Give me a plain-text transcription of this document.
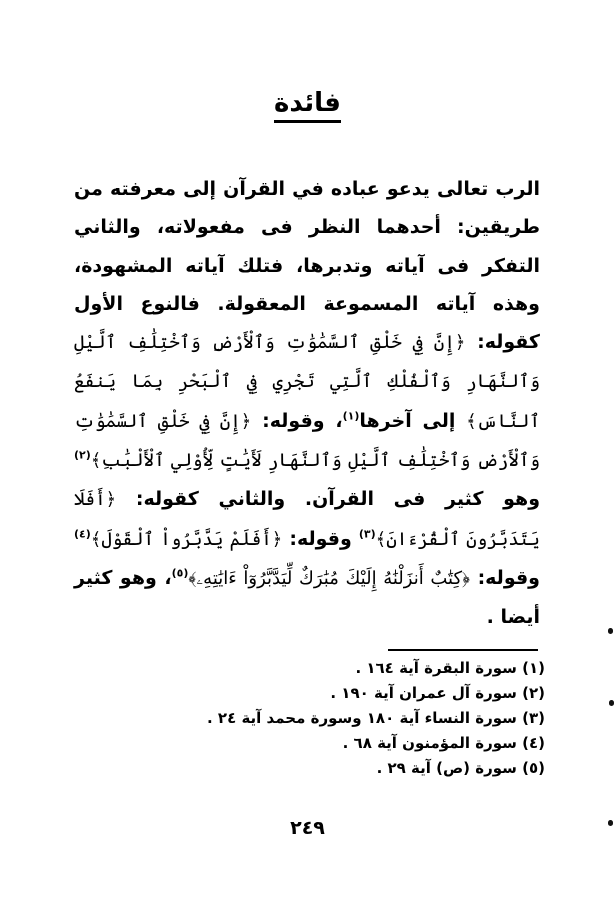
فائدة

الرب تعالى يدعو عباده في القرآن إلى معرفته من طريقين: أحدهما النظر فى مفعولاته، والثاني التفكر فى آياته وتدبرها، فتلك آياته المشهودة، وهذه آياته المسموعة المعقولة. فالنوع الأول كقوله: ﴿إِنَّ فِي خَلْقِ ٱلسَّمَٰوَٰتِ وَٱلْأَرْضِ وَٱخْتِلَٰفِ ٱلَّيْلِ وَٱلنَّهَارِ وَٱلْفُلْكِ ٱلَّتِي تَجْرِي فِي ٱلْبَحْرِ بِمَا يَنفَعُ ٱلنَّاسَ﴾ إلى آخرها$^{(١)}$، وقوله: ﴿إِنَّ فِي خَلْقِ ٱلسَّمَٰوَٰتِ وَٱلْأَرْضِ وَٱخْتِلَٰفِ ٱلَّيْلِ وَٱلنَّهَارِ لَأَيَٰتٍ لِّأُوْلِي ٱلْأَلْبَٰبِ﴾$^{(٢)}$ وهو كثير فى القرآن. والثاني كقوله: ﴿أَفَلَا يَتَدَبَّرُونَ ٱلْقُرْءَانَ﴾$^{(٣)}$ وقوله: ﴿أَفَلَمْ يَدَّبَّرُواْ ٱلْقَوْلَ﴾$^{(٤)}$ وقوله: ﴿كِتَٰبٌ أَنزَلْنَٰهُ إِلَيْكَ مُبَٰرَكٌ لِّيَدَّبَّرُوٓاْ ءَايَٰتِهِۦ﴾$^{(٥)}$، وهو كثير أيضا .

(١) سورة البقرة آية ١٦٤ .
(٢) سورة آل عمران آية ١٩٠ .
(٣) سورة النساء آية ١٨٠ وسورة محمد آية ٢٤ .
(٤) سورة المؤمنون آية ٦٨ .
(٥) سورة (ص) آية ٢٩ .
٢٤٩
